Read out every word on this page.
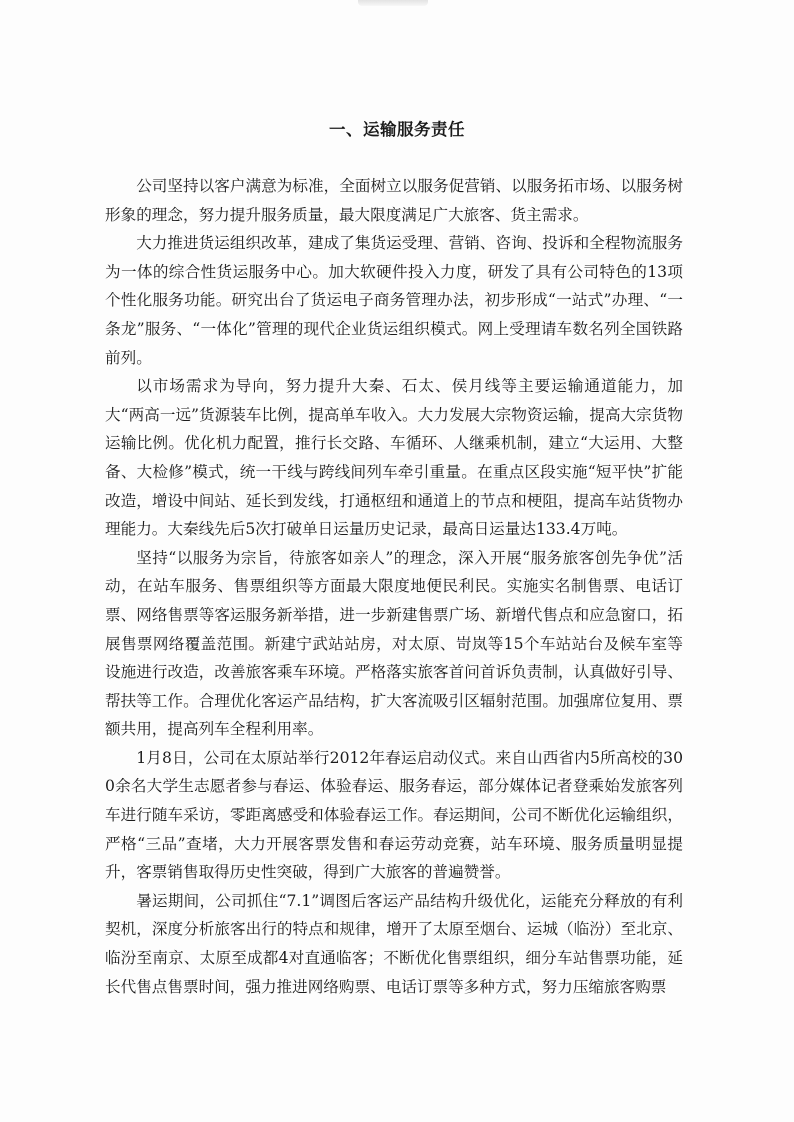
一、运输服务责任

公司坚持以客户满意为标准，全面树立以服务促营销、以服务拓市场、以服务树形象的理念，努力提升服务质量，最大限度满足广大旅客、货主需求。

大力推进货运组织改革，建成了集货运受理、营销、咨询、投诉和全程物流服务为一体的综合性货运服务中心。加大软硬件投入力度，研发了具有公司特色的13项个性化服务功能。研究出台了货运电子商务管理办法，初步形成“一站式”办理、“一条龙”服务、“一体化”管理的现代企业货运组织模式。网上受理请车数名列全国铁路前列。

以市场需求为导向，努力提升大秦、石太、侯月线等主要运输通道能力，加大“两高一远”货源装车比例，提高单车收入。大力发展大宗物资运输，提高大宗货物运输比例。优化机力配置，推行长交路、车循环、人继乘机制，建立“大运用、大整备、大检修”模式，统一干线与跨线间列车牵引重量。在重点区段实施“短平快”扩能改造，增设中间站、延长到发线，打通枢纽和通道上的节点和梗阻，提高车站货物办理能力。大秦线先后5次打破单日运量历史记录，最高日运量达133.4万吨。

坚持“以服务为宗旨，待旅客如亲人”的理念，深入开展“服务旅客创先争优”活动，在站车服务、售票组织等方面最大限度地便民利民。实施实名制售票、电话订票、网络售票等客运服务新举措，进一步新建售票广场、新增代售点和应急窗口，拓展售票网络覆盖范围。新建宁武站站房，对太原、岢岚等15个车站站台及候车室等设施进行改造，改善旅客乘车环境。严格落实旅客首问首诉负责制，认真做好引导、帮扶等工作。合理优化客运产品结构，扩大客流吸引区辐射范围。加强席位复用、票额共用，提高列车全程利用率。

1月8日，公司在太原站举行2012年春运启动仪式。来自山西省内5所高校的300余名大学生志愿者参与春运、体验春运、服务春运，部分媒体记者登乘始发旅客列车进行随车采访，零距离感受和体验春运工作。春运期间，公司不断优化运输组织，严格“三品”查堵，大力开展客票发售和春运劳动竞赛，站车环境、服务质量明显提升，客票销售取得历史性突破，得到广大旅客的普遍赞誉。

暑运期间，公司抓住“7.1”调图后客运产品结构升级优化，运能充分释放的有利契机，深度分析旅客出行的特点和规律，增开了太原至烟台、运城（临汾）至北京、临汾至南京、太原至成都4对直通临客；不断优化售票组织，细分车站售票功能，延长代售点售票时间，强力推进网络购票、电话订票等多种方式，努力压缩旅客购票
